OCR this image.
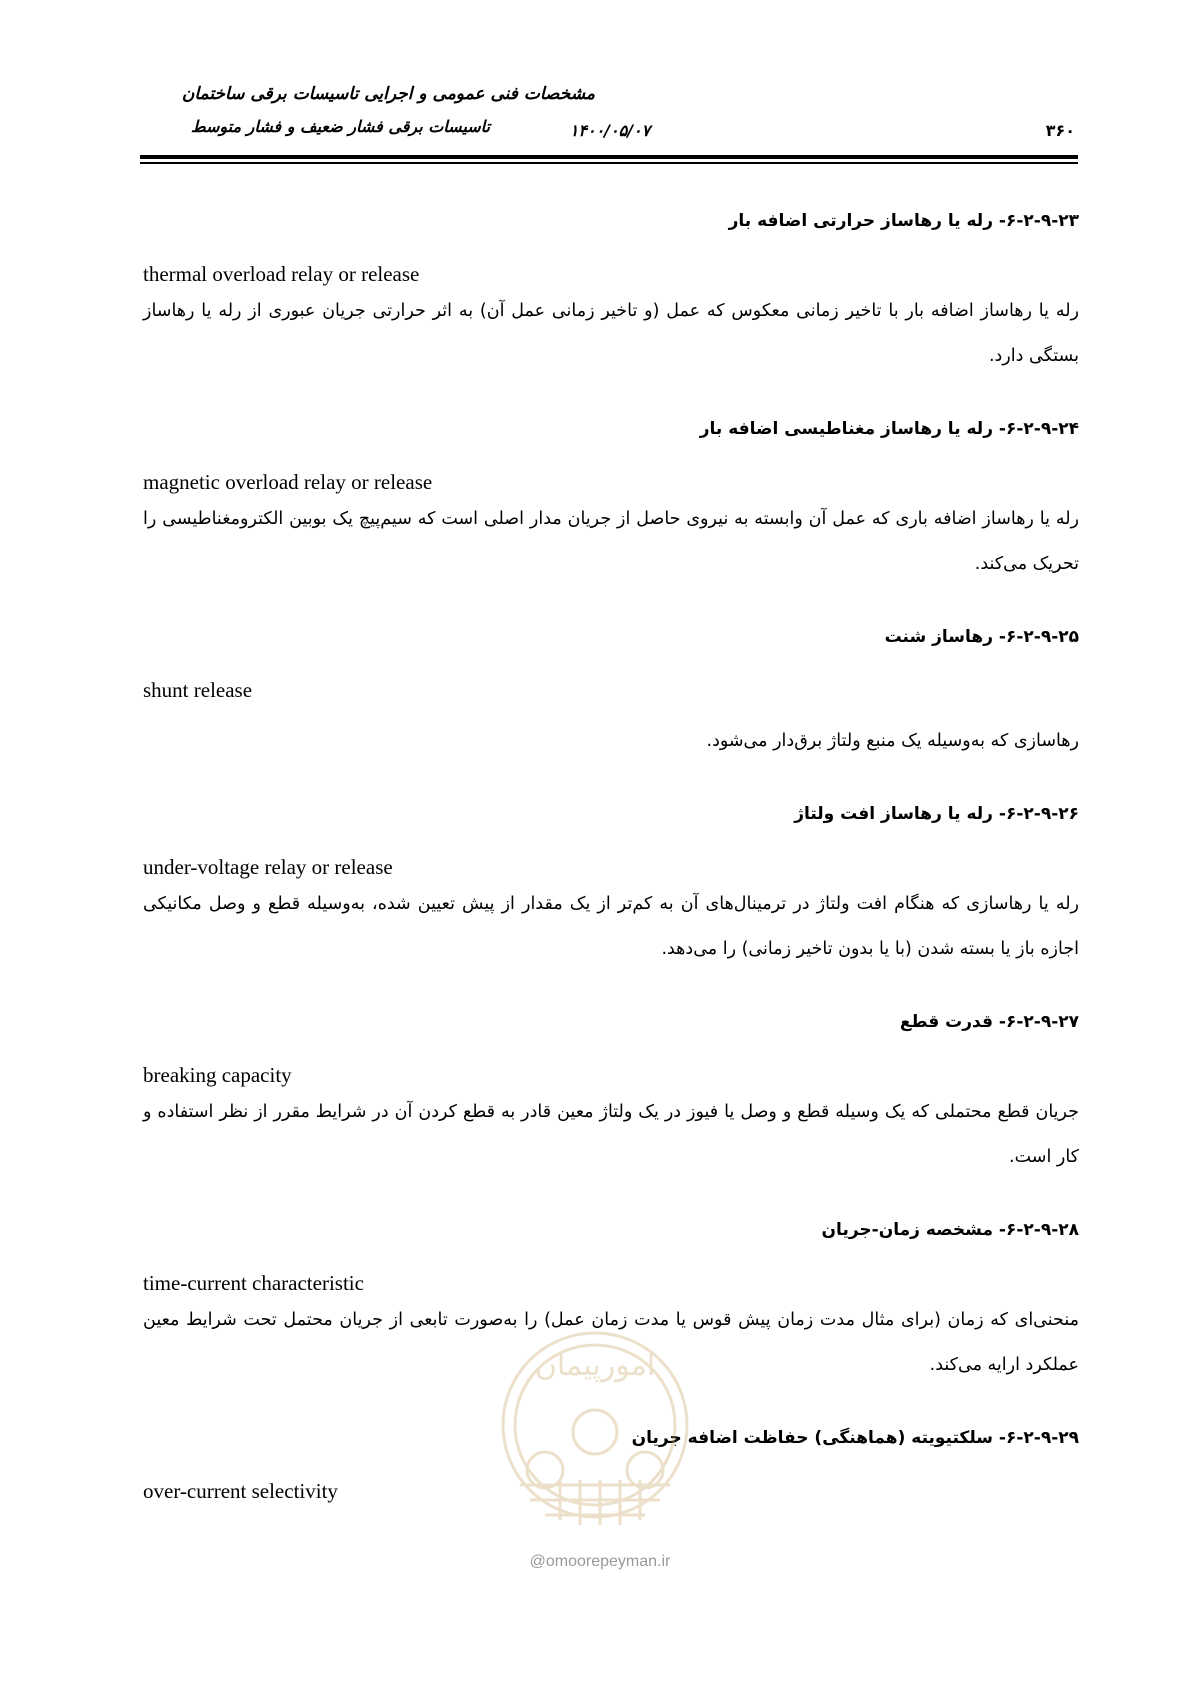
مشخصات فنی عمومی و اجرایی تاسیسات برقی ساختمان
تاسیسات برقی فشار ضعیف و فشار متوسط	۱۴۰۰/۰۵/۰۷	۳۶۰
۶-۲-۹-۲۳- رله یا رهاساز حرارتی اضافه بار
thermal overload relay or release
رله یا رهاساز اضافه بار با تاخیر زمانی معکوس که عمل (و تاخیر زمانی عمل آن) به اثر حرارتی جریان عبوری از رله یا رهاساز بستگی دارد.
۶-۲-۹-۲۴- رله یا رهاساز مغناطیسی اضافه بار
magnetic overload relay or release
رله یا رهاساز اضافه باری که عمل آن وابسته به نیروی حاصل از جریان مدار اصلی است که سیم‌پیچ یک بوبین الکترومغناطیسی را تحریک می‌کند.
۶-۲-۹-۲۵- رهاساز شنت
shunt release
رهاسازی که به‌وسیله یک منبع ولتاژ برق‌دار می‌شود.
۶-۲-۹-۲۶- رله یا رهاساز افت ولتاژ
under-voltage relay or release
رله یا رهاسازی که هنگام افت ولتاژ در ترمینال‌های آن به کم‌تر از یک مقدار از پیش تعیین شده، به‌وسیله قطع و وصل مکانیکی اجازه باز یا بسته شدن (با یا بدون تاخیر زمانی) را می‌دهد.
۶-۲-۹-۲۷- قدرت قطع
breaking capacity
جریان قطع محتملی که یک وسیله قطع و وصل یا فیوز در یک ولتاژ معین قادر به قطع کردن آن در شرایط مقرر از نظر استفاده و کار است.
۶-۲-۹-۲۸- مشخصه زمان-جریان
time-current characteristic
منحنی‌ای که زمان (برای مثال مدت زمان پیش قوس یا مدت زمان عمل) را به‌صورت تابعی از جریان محتمل تحت شرایط معین عملکرد ارایه می‌کند.
۶-۲-۹-۲۹- سلکتیویته (هماهنگی) حفاظت اضافه جریان
over-current selectivity
امورپیمان
@omoorepeyman.ir
